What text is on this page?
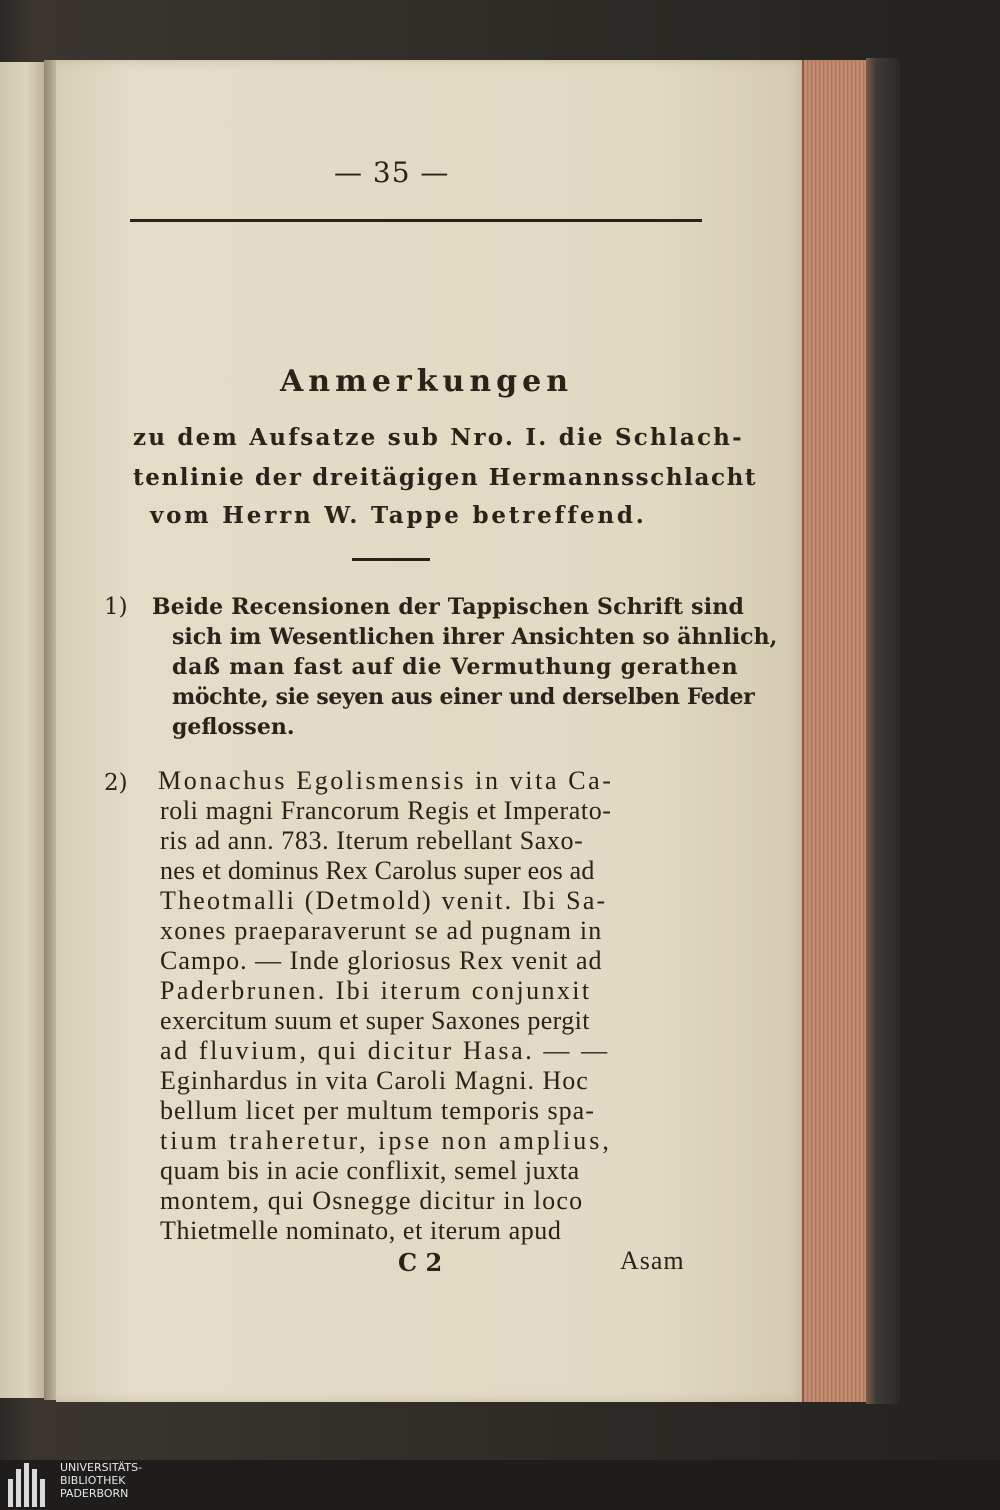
— 35 —
Anmerkungen
zu dem Aufsatze sub Nro. I. die Schlach-
tenlinie der dreitägigen Hermannsschlacht
vom Herrn W. Tappe betreffend.
1) Beide Recensionen der Tappischen Schrift sind
sich im Wesentlichen ihrer Ansichten so ähnlich,
daß man fast auf die Vermuthung gerathen
möchte, sie seyen aus einer und derselben Feder
geflossen.
2) Monachus Egolismensis in vita Ca-
roli magni Francorum Regis et Imperato-
ris ad ann. 783. Iterum rebellant Saxo-
nes et dominus Rex Carolus super eos ad
Theotmalli (Detmold) venit. Ibi Sa-
xones praeparaverunt se ad pugnam in
Campo. — Inde gloriosus Rex venit ad
Paderbrunen. Ibi iterum conjunxit
exercitum suum et super Saxones pergit
ad fluvium, qui dicitur Hasa. — —
Eginhardus in vita Caroli Magni. Hoc
bellum licet per multum temporis spa-
tium traheretur, ipse non amplius,
quam bis in acie conflixit, semel juxta
montem, qui Osnegge dicitur in loco
Thietmelle nominato, et iterum apud
C 2	Asam
UNIVERSITÄTS-
BIBLIOTHEK
PADERBORN
